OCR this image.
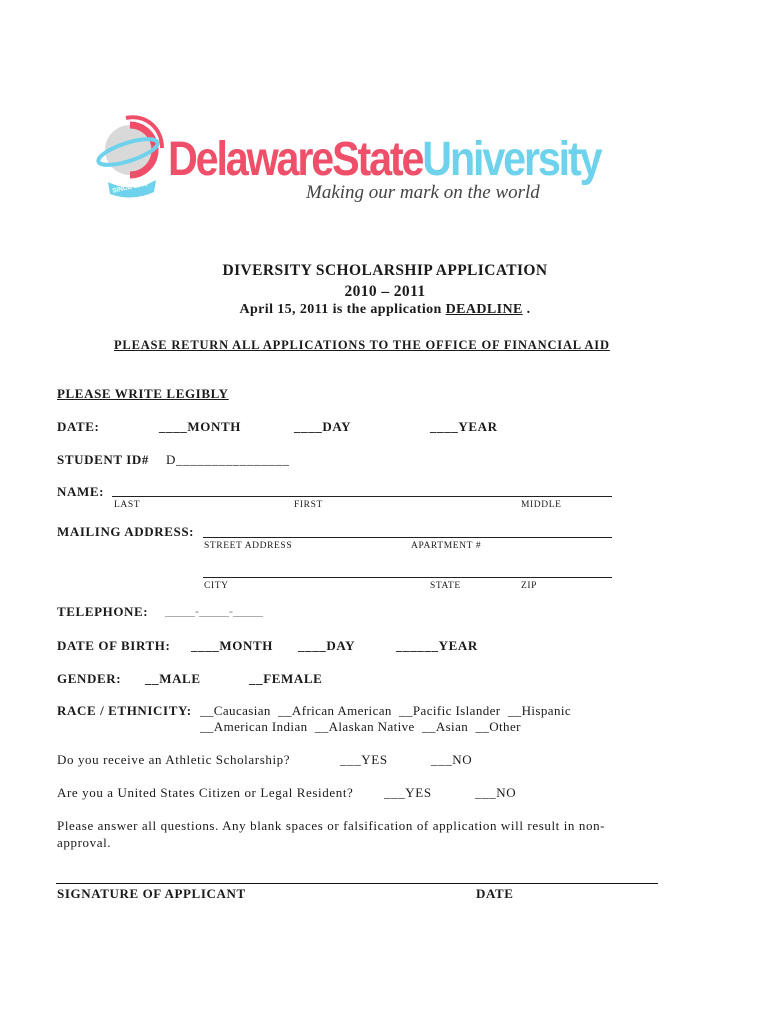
SINCE 1891
DelawareStateUniversity
Making our mark on the world
DIVERSITY SCHOLARSHIP APPLICATION
2010 – 2011
April 15, 2011 is the application DEADLINE .
PLEASE RETURN ALL APPLICATIONS TO THE OFFICE OF FINANCIAL AID
PLEASE WRITE LEGIBLY
DATE:	____MONTH	____DAY	____YEAR
STUDENT ID# D________________
NAME:
LAST	FIRST	MIDDLE
MAILING ADDRESS:
STREET ADDRESS	APARTMENT #
CITY	STATE	ZIP
TELEPHONE: _____-_____-_____
DATE OF BIRTH: ____MONTH ____DAY	______YEAR
GENDER: __MALE	__FEMALE
RACE / ETHNICITY: __Caucasian  __African American  __Pacific Islander  __Hispanic
__American Indian  __Alaskan Native  __Asian  __Other
Do you receive an Athletic Scholarship?	___YES	___NO
Are you a United States Citizen or Legal Resident? ___YES	___NO
Please answer all questions. Any blank spaces or falsification of application will result in non-
approval.
SIGNATURE OF APPLICANT	DATE
